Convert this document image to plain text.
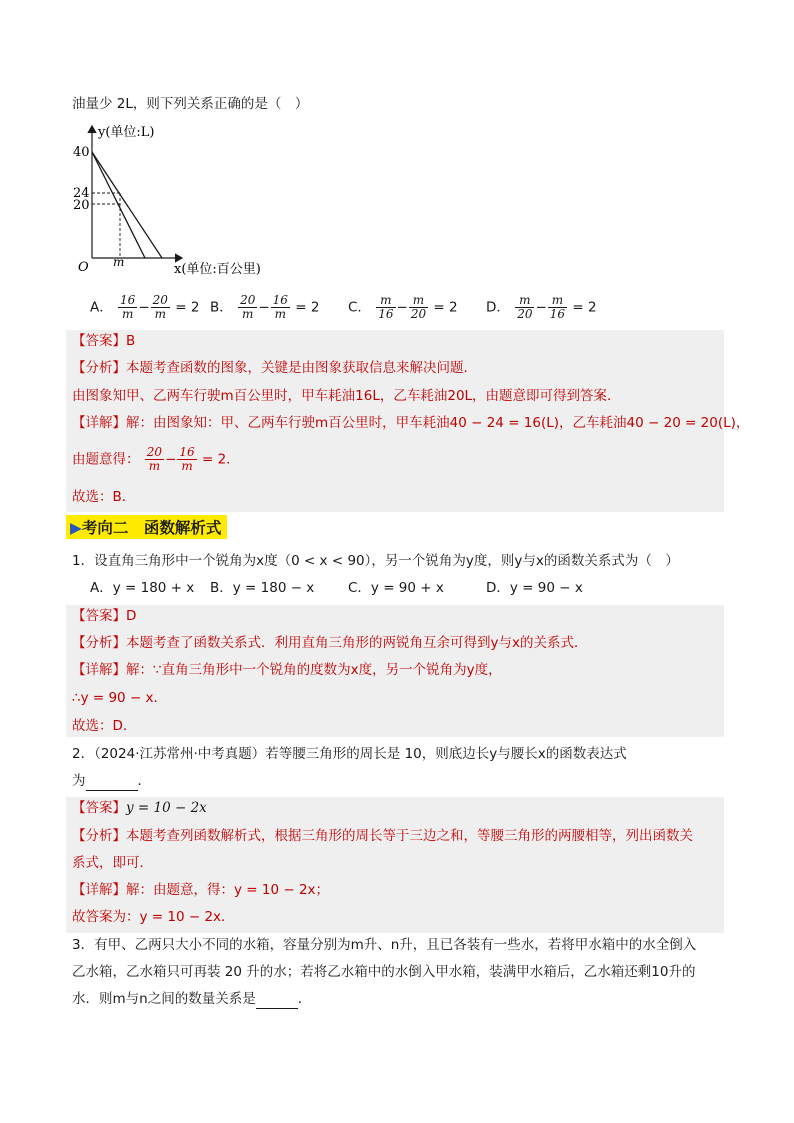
油量少 2L，则下列关系正确的是（　）
y(单位:L)
40
24
20
O m	x(单位:百公里)
A． $\frac{16}{m} - \frac{20}{m} = 2$ B． $\frac{20}{m} - \frac{16}{m} = 2$ C． $\frac{m}{16} - \frac{m}{20} = 2$ D． $\frac{m}{20} - \frac{m}{16} = 2$
【答案】B
【分析】本题考查函数的图象，关键是由图象获取信息来解决问题．
由图象知甲、乙两车行驶m百公里时，甲车耗油16L，乙车耗油20L，由题意即可得到答案．
【详解】解：由图象知：甲、乙两车行驶m百公里时，甲车耗油40 − 24 = 16(L)，乙车耗油40 − 20 = 20(L)，
由题意得： $\frac{20}{m} - \frac{16}{m} = 2$．
故选：B．
▶考向二　函数解析式
1．设直角三角形中一个锐角为x度（0 < x < 90），另一个锐角为y度，则y与x的函数关系式为（　）
A．y = 180 + x B．y = 180 − x C．y = 90 + x	D．y = 90 − x
【答案】D
【分析】本题考查了函数关系式．利用直角三角形的两锐角互余可得到y与x的关系式．
【详解】解：∵直角三角形中一个锐角的度数为x度，另一个锐角为y度，
∴y = 90 − x．
故选：D．
2．（2024·江苏常州·中考真题）若等腰三角形的周长是 10，则底边长y与腰长x的函数表达式
为	．
【答案】y = 10 − 2x
【分析】本题考查列函数解析式，根据三角形的周长等于三边之和，等腰三角形的两腰相等，列出函数关
系式，即可．
【详解】解：由题意，得：y = 10 − 2x；
故答案为：y = 10 − 2x．
3．有甲、乙两只大小不同的水箱，容量分别为m升、n升，且已各装有一些水，若将甲水箱中的水全倒入
乙水箱，乙水箱只可再装 20 升的水；若将乙水箱中的水倒入甲水箱，装满甲水箱后，乙水箱还剩10升的
水．则m与n之间的数量关系是	．
